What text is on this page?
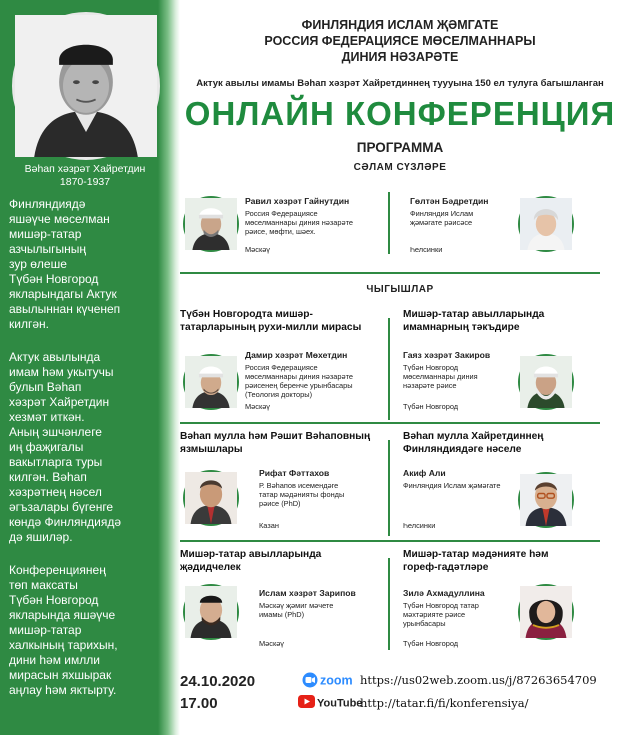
Вәһап хәзрәт Хайретдин
1870-1937
Финляндиядә
яшәүче мөселман
мишәр-татар
азчылыгының
зур өлеше
Түбән Новгород
якларындагы Актук
авылыннан күченеп
килгән.
Актук авылында
имам һәм укытучы
булып Вәһап
хәзрәт Хайретдин
хезмәт иткән.
Аның эшчәнлеге
иң фаҗигалы
вакытларга туры
килгән. Вәһап
хәзрәтнең нәсел
әгъзалары бүгенге
көндә Финляндиядә
дә яшиләр.
Конференциянең
төп максаты
Түбән Новгород
якларында яшәүче
мишәр-татар
халкының тарихын,
дини һәм имлли
мирасын яхшырак
аңлау һәм яктырту.
ФИНЛЯНДИЯ ИСЛАМ ҖӘМГАТЕ
РОССИЯ ФЕДЕРАЦИЯСЕ МӨСЕЛМАННАРЫ
ДИНИЯ НӘЗАРӘТЕ
Актук авылы имамы Вәһап хәзрәт Хайретдиннең туууына 150 ел тулуга багышланган
ОНЛАЙН КОНФЕРЕНЦИЯ
ПРОГРАММА
СӘЛАМ СҮЗЛӘРЕ
Равил хәзрәт Гайнутдин
Россия Федерациясе
мөселманнары диния нәзарәте
рәисе, мөфти, шәех.
Мәскәү
Гөлтән Бәдретдин
Финляндия Ислам
җәмәгате рәисәсе
Һелсинки
ЧЫГЫШЛАР
Түбән Новгородта мишәр-
татарларының рухи-милли мирасы
Дамир хәзрәт Мөхетдин
Россия Федерациясе
мөселманнары диния нәзарәте
рәисенең беренче урынбасары
(Теология докторы)
Мәскәү
Мишәр-татар авылларында
имамнарның тәкъдире
Гаяз хәзрәт Закиров
Түбән Новгород
мөселманнары диния
нәзарәте рәисе
Түбән Новгород
Вәһап мулла һәм Рәшит Вәһаповның
язмышлары
Рифат Фәттахов
Р. Вәһапов исемендәге
татар мәдәнияты фонды
рәисе (PhD)
Казан
Вәһап мулла Хайретдиннең
Финляндиядәге нәселе
Акиф Али
Финляндия Ислам җәмәгате
Һелсинки
Мишәр-татар авылларында
җәдидчелек
Ислам хәзрәт Зарипов
Мәскәү җәмиг мәчете
имамы (PhD)
Мәскәү
Мишәр-татар мәдәнияте һәм
гореф-гадәтләре
Зилә Ахмадуллина
Түбән Новгород татар
мәхтәрияте рәисе
урынбасары
Түбән Новгород
24.10.2020
17.00
zoom
YouTube
https://us02web.zoom.us/j/87263654709
http://tatar.fi/fi/konferensiya/
